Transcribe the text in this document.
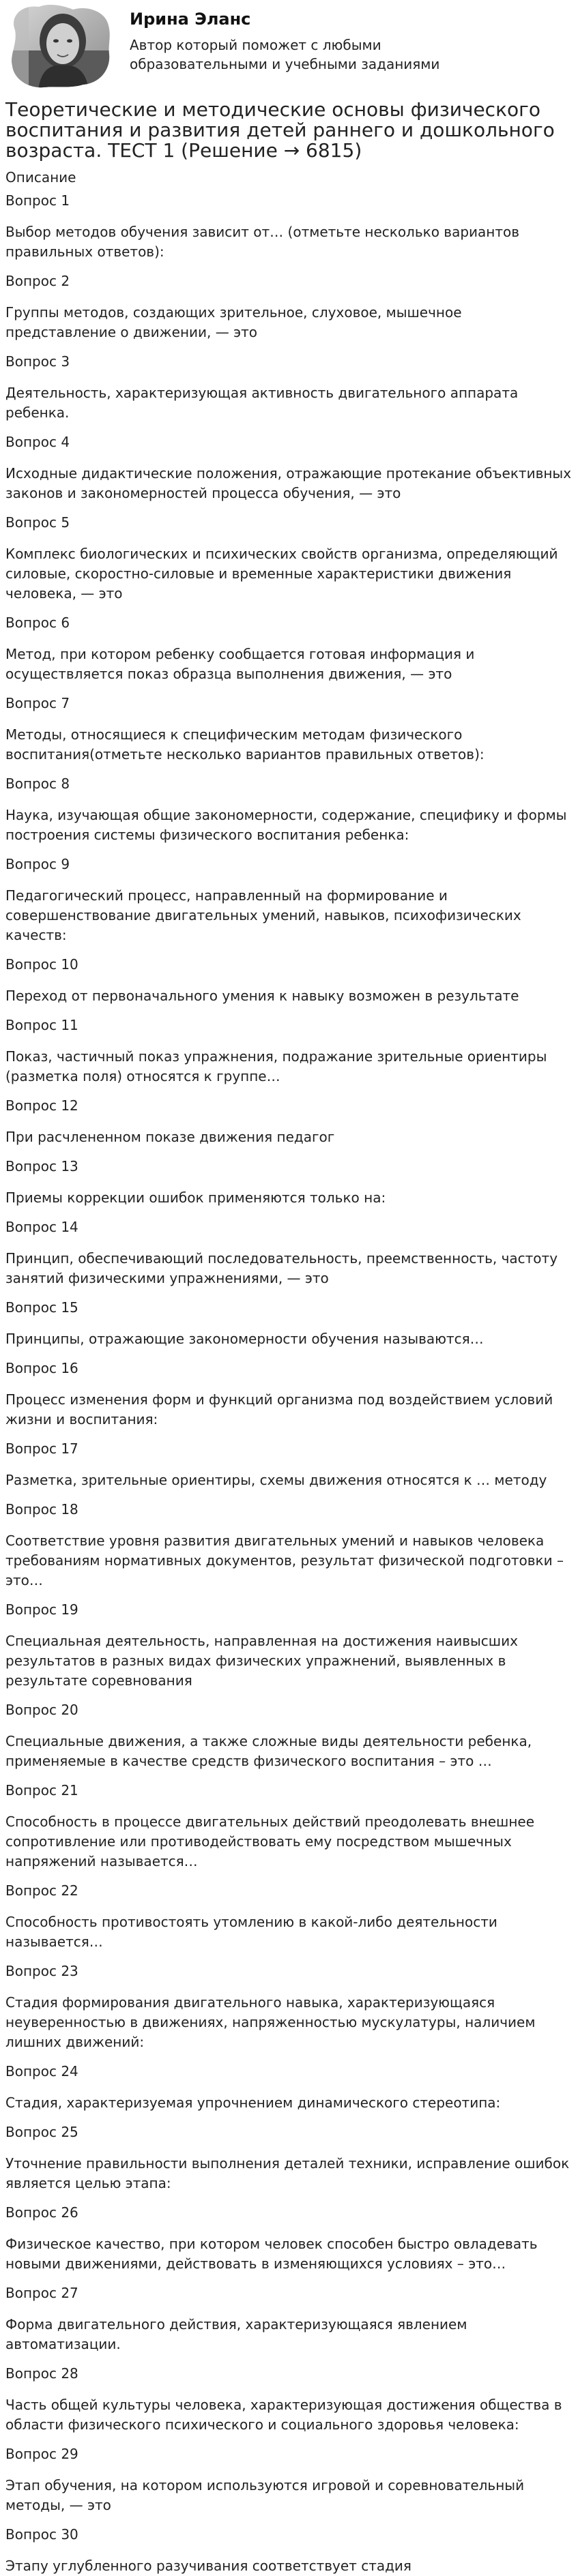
Ирина Эланс
Автор который поможет с любыми образовательными и учебными заданиями
Теоретические и методические основы физического воспитания и развития детей раннего и дошкольного возраста. ТЕСТ 1 (Решение → 6815)
Описание
Вопрос 1
Выбор методов обучения зависит от… (отметьте несколько вариантов правильных ответов):
Вопрос 2
Группы методов, создающих зрительное, слуховое, мышечное представление о движении, — это
Вопрос 3
Деятельность, характеризующая активность двигательного аппарата ребенка.
Вопрос 4
Исходные дидактические положения, отражающие протекание объективных законов и закономерностей процесса обучения, — это
Вопрос 5
Комплекс биологических и психических свойств организма, определяющий силовые, скоростно-силовые и временные характеристики движения человека, — это
Вопрос 6
Метод, при котором ребенку сообщается готовая информация и осуществляется показ образца выполнения движения, — это
Вопрос 7
Методы, относящиеся к специфическим методам физического воспитания(отметьте несколько вариантов правильных ответов):
Вопрос 8
Наука, изучающая общие закономерности, содержание, специфику и формы построения системы физического воспитания ребенка:
Вопрос 9
Педагогический процесс, направленный на формирование и совершенствование двигательных умений, навыков, психофизических качеств:
Вопрос 10
Переход от первоначального умения к навыку возможен в результате
Вопрос 11
Показ, частичный показ упражнения, подражание зрительные ориентиры (разметка поля) относятся к группе…
Вопрос 12
При расчлененном показе движения педагог
Вопрос 13
Приемы коррекции ошибок применяются только на:
Вопрос 14
Принцип, обеспечивающий последовательность, преемственность, частоту занятий физическими упражнениями, — это
Вопрос 15
Принципы, отражающие закономерности обучения называются…
Вопрос 16
Процесс изменения форм и функций организма под воздействием условий жизни и воспитания:
Вопрос 17
Разметка, зрительные ориентиры, схемы движения относятся к … методу
Вопрос 18
Соответствие уровня развития двигательных умений и навыков человека требованиям нормативных документов, результат физической подготовки – это…
Вопрос 19
Специальная деятельность, направленная на достижения наивысших результатов в разных видах физических упражнений, выявленных в результате соревнования
Вопрос 20
Специальные движения, а также сложные виды деятельности ребенка, применяемые в качестве средств физического воспитания – это …
Вопрос 21
Способность в процессе двигательных действий преодолевать внешнее сопротивление или противодействовать ему посредством мышечных напряжений называется…
Вопрос 22
Способность противостоять утомлению в какой-либо деятельности называется…
Вопрос 23
Стадия формирования двигательного навыка, характеризующаяся неуверенностью в движениях, напряженностью мускулатуры, наличием лишних движений:
Вопрос 24
Стадия, характеризуемая упрочнением динамического стереотипа:
Вопрос 25
Уточнение правильности выполнения деталей техники, исправление ошибок является целью этапа:
Вопрос 26
Физическое качество, при котором человек способен быстро овладевать новыми движениями, действовать в изменяющихся условиях – это…
Вопрос 27
Форма двигательного действия, характеризующаяся явлением автоматизации.
Вопрос 28
Часть общей культуры человека, характеризующая достижения общества в области физического психического и социального здоровья человека:
Вопрос 29
Этап обучения, на котором используются игровой и соревновательный методы, — это
Вопрос 30
Этапу углубленного разучивания соответствует стадия
